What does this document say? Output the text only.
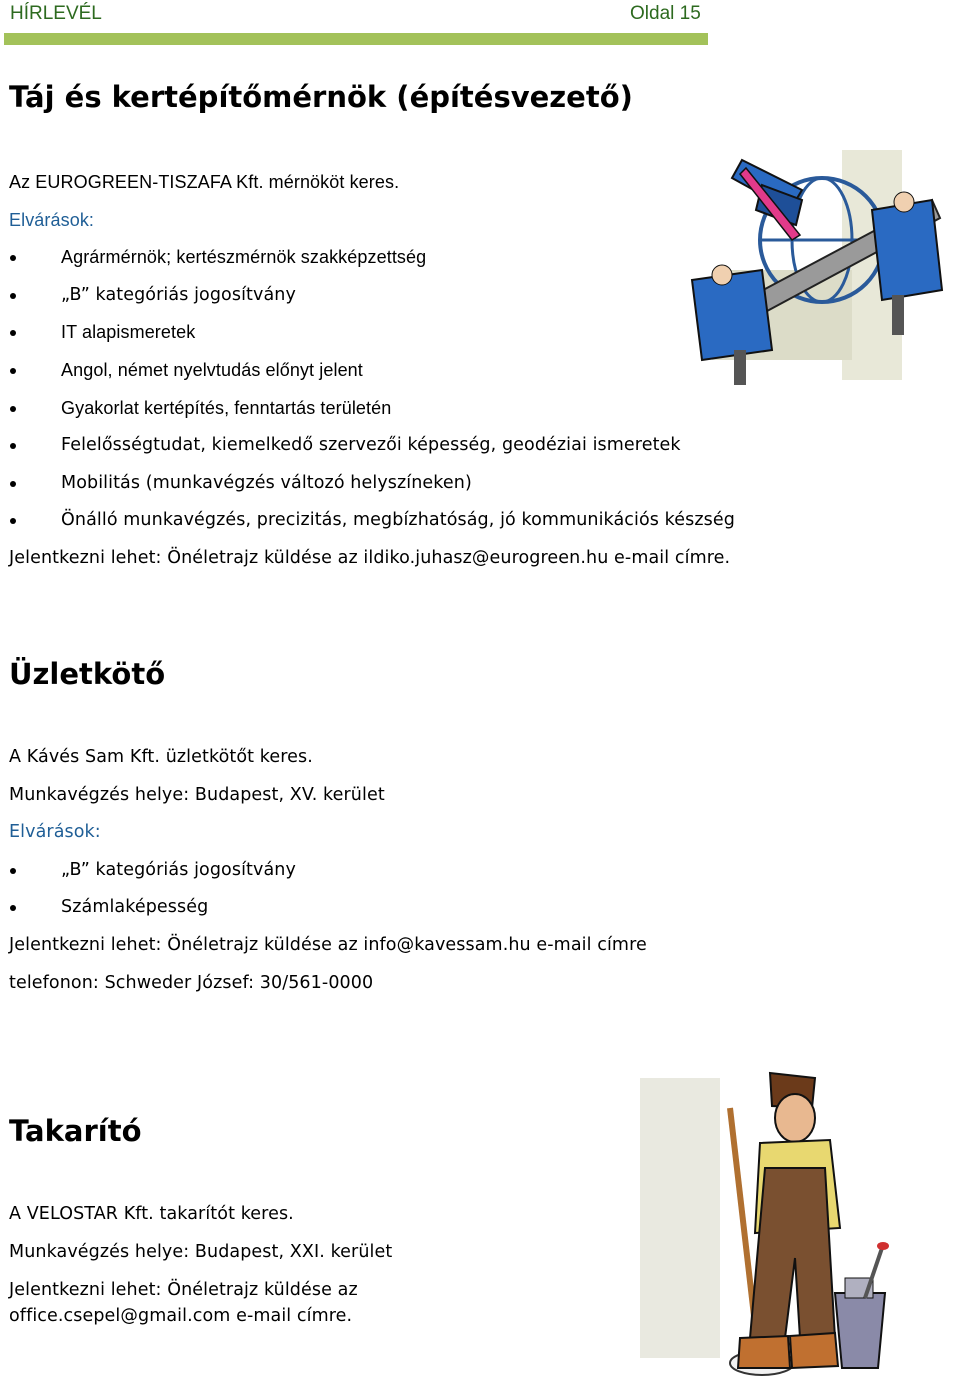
HÍRLEVÉL	Oldal 15
Táj és kertépítőmérnök (építésvezető)
Az EUROGREEN-TISZAFA Kft. mérnököt keres.
Elvárások:
Agrármérnök; kertészmérnök szakképzettség
„B” kategóriás jogosítvány
IT alapismeretek
Angol, német nyelvtudás előnyt jelent
Gyakorlat kertépítés, fenntartás területén
Felelősségtudat, kiemelkedő szervezői képesség, geodéziai ismeretek
Mobilitás (munkavégzés változó helyszíneken)
Önálló munkavégzés, precizitás, megbízhatóság, jó kommunikációs készség
Jelentkezni lehet: Önéletrajz küldése az ildiko.juhasz@eurogreen.hu e-mail címre.
Üzletkötő
A Kávés Sam Kft. üzletkötőt keres.
Munkavégzés helye: Budapest, XV. kerület
Elvárások:
„B” kategóriás jogosítvány
Számlaképesség
Jelentkezni lehet: Önéletrajz küldése az info@kavessam.hu e-mail címre
telefonon: Schweder József: 30/561-0000
Takarító
A VELOSTAR Kft. takarítót keres.
Munkavégzés helye: Budapest, XXI. kerület
Jelentkezni lehet: Önéletrajz küldése az
office.csepel@gmail.com e-mail címre.
